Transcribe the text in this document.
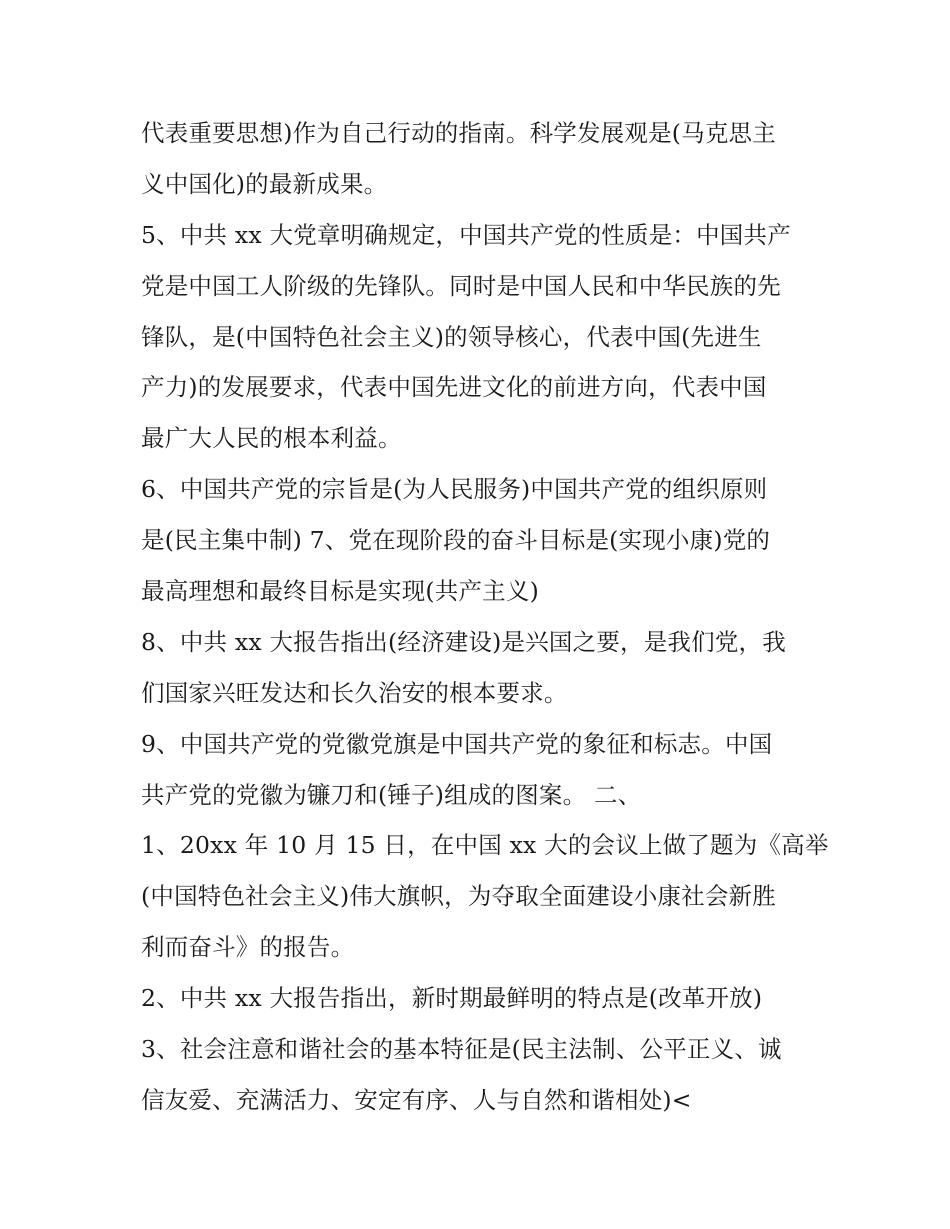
代表重要思想)作为自己行动的指南。科学发展观是(马克思主
义中国化)的最新成果。
5、中共 xx 大党章明确规定，中国共产党的性质是：中国共产
党是中国工人阶级的先锋队。同时是中国人民和中华民族的先
锋队，是(中国特色社会主义)的领导核心，代表中国(先进生
产力)的发展要求，代表中国先进文化的前进方向，代表中国
最广大人民的根本利益。
6、中国共产党的宗旨是(为人民服务)中国共产党的组织原则
是(民主集中制) 7、党在现阶段的奋斗目标是(实现小康)党的
最高理想和最终目标是实现(共产主义)
8、中共 xx 大报告指出(经济建设)是兴国之要，是我们党，我
们国家兴旺发达和长久治安的根本要求。
9、中国共产党的党徽党旗是中国共产党的象征和标志。中国
共产党的党徽为镰刀和(锤子)组成的图案。 二、
1、20xx 年 10 月 15 日，在中国 xx 大的会议上做了题为《高举
(中国特色社会主义)伟大旗帜，为夺取全面建设小康社会新胜
利而奋斗》的报告。
2、中共 xx 大报告指出，新时期最鲜明的特点是(改革开放)
3、社会注意和谐社会的基本特征是(民主法制、公平正义、诚
信友爱、充满活力、安定有序、人与自然和谐相处)<
